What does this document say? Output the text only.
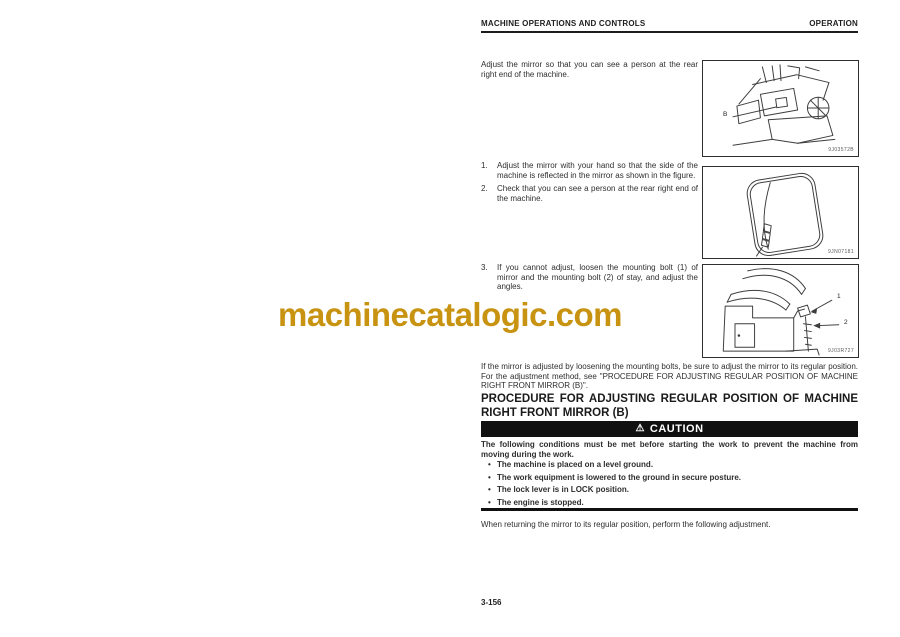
MACHINE OPERATIONS AND CONTROLS	OPERATION
Adjust the mirror so that you can see a person at the rear right end of the machine.
1.	Adjust the mirror with your hand so that the side of the machine is reflected in the mirror as shown in the figure.
2.	Check that you can see a person at the rear right end of the machine.
3.	If you cannot adjust, loosen the mounting bolt (1) of mirror and the mounting bolt (2) of stay, and adjust the angles.
B
9J03572B
9JN07181
1
2
9J03R727
machinecatalogic.com
If the mirror is adjusted by loosening the mounting bolts, be sure to adjust the mirror to its regular position. For the adjustment method, see "PROCEDURE FOR ADJUSTING REGULAR POSITION OF MACHINE RIGHT FRONT MIRROR (B)".
PROCEDURE FOR ADJUSTING REGULAR POSITION OF MACHINE RIGHT FRONT MIRROR (B)
⚠ CAUTION
The following conditions must be met before starting the work to prevent the machine from moving during the work.
•
The machine is placed on a level ground.
•
The work equipment is lowered to the ground in secure posture.
•
The lock lever is in LOCK position.
•
The engine is stopped.
When returning the mirror to its regular position, perform the following adjustment.
3-156
